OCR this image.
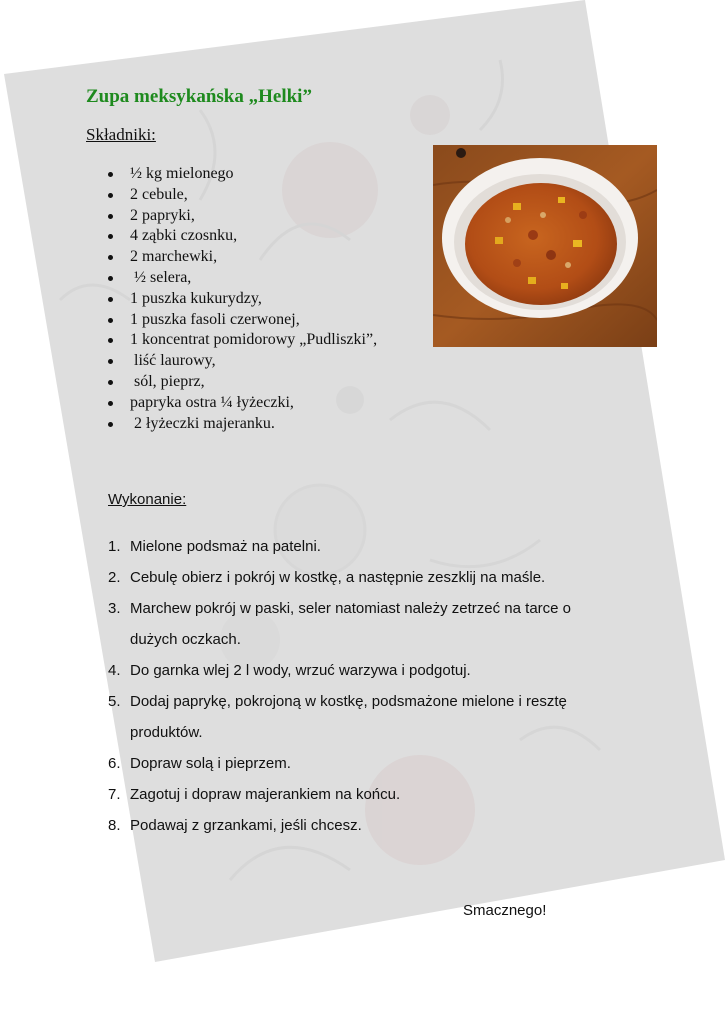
Zupa meksykańska „Helki”
Składniki:
½ kg mielonego
2 cebule,
2 papryki,
4 ząbki czosnku,
2 marchewki,
½ selera,
1 puszka kukurydzy,
1 puszka fasoli czerwonej,
1 koncentrat pomidorowy „Pudliszki”,
liść laurowy,
sól, pieprz,
papryka ostra ¼ łyżeczki,
2 łyżeczki majeranku.
Wykonanie:
1. Mielone podsmaż na patelni.
2. Cebulę obierz i pokrój w kostkę, a następnie zeszklij na maśle.
3. Marchew pokrój w paski, seler natomiast należy zetrzeć na tarce o dużych oczkach.
4. Do garnka wlej 2 l wody, wrzuć warzywa i podgotuj.
5. Dodaj paprykę, pokrojoną w kostkę, podsmażone mielone i resztę produktów.
6. Dopraw solą i pieprzem.
7. Zagotuj i dopraw majerankiem na końcu.
8. Podawaj z grzankami, jeśli chcesz.
Smacznego!
